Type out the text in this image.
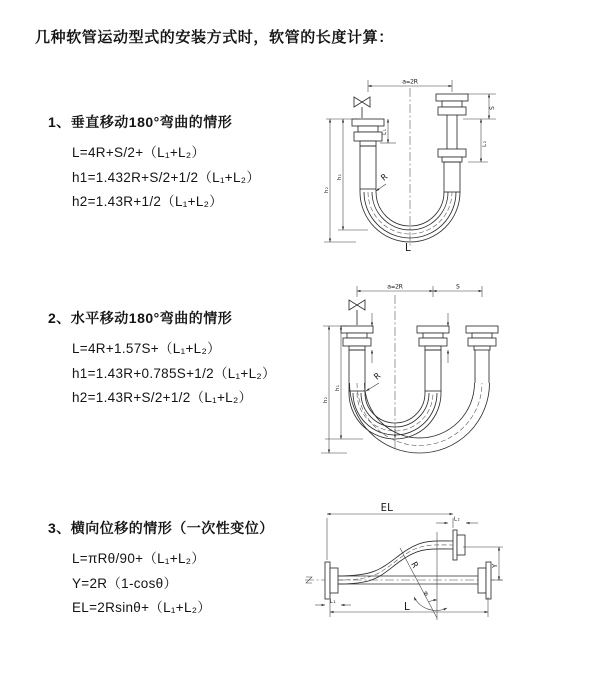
几种软管运动型式的安装方式时，软管的长度计算：
1、垂直移动180°弯曲的情形
L=4R+S/2+（L₁+L₂）
h1=1.432R+S/2+1/2（L₁+L₂）
h2=1.43R+1/2（L₁+L₂）
2、水平移动180°弯曲的情形
L=4R+1.57S+（L₁+L₂）
h1=1.43R+0.785S+1/2（L₁+L₂）
h2=1.43R+S/2+1/2（L₁+L₂）
3、横向位移的情形（一次性变位）
L=πRθ/90+（L₁+L₂）
Y=2R（1-cosθ）
EL=2Rsinθ+（L₁+L₂）
a=2R
h₁
h₂
L₁
S
L₂
R
L
a=2R	S
h₁
h₂
R
EL
L₂
θ
R	Y
L
L₁
